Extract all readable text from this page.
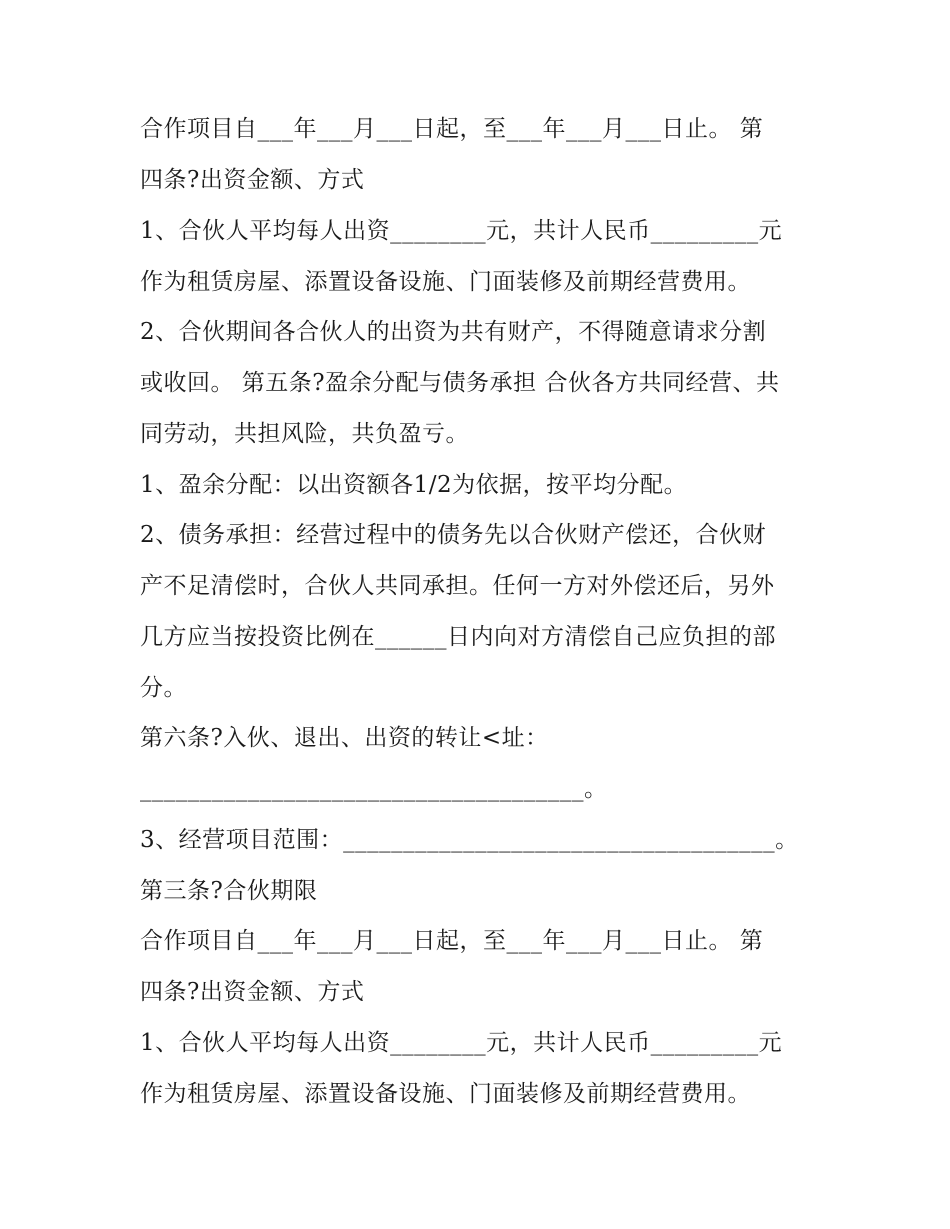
合作项目自___年___月___日起，至___年___月___日止。 第
四条?出资金额、方式
1、合伙人平均每人出资________元，共计人民币_________元
作为租赁房屋、添置设备设施、门面装修及前期经营费用。
2、合伙期间各合伙人的出资为共有财产，不得随意请求分割
或收回。 第五条?盈余分配与债务承担 合伙各方共同经营、共
同劳动，共担风险，共负盈亏。
1、盈余分配：以出资额各1/2为依据，按平均分配。
2、债务承担：经营过程中的债务先以合伙财产偿还，合伙财
产不足清偿时，合伙人共同承担。任何一方对外偿还后，另外
几方应当按投资比例在______日内向对方清偿自己应负担的部
分。
第六条?入伙、退出、出资的转让<址：
_____________________________________。
3、经营项目范围：____________________________________。
第三条?合伙期限
合作项目自___年___月___日起，至___年___月___日止。 第
四条?出资金额、方式
1、合伙人平均每人出资________元，共计人民币_________元
作为租赁房屋、添置设备设施、门面装修及前期经营费用。
